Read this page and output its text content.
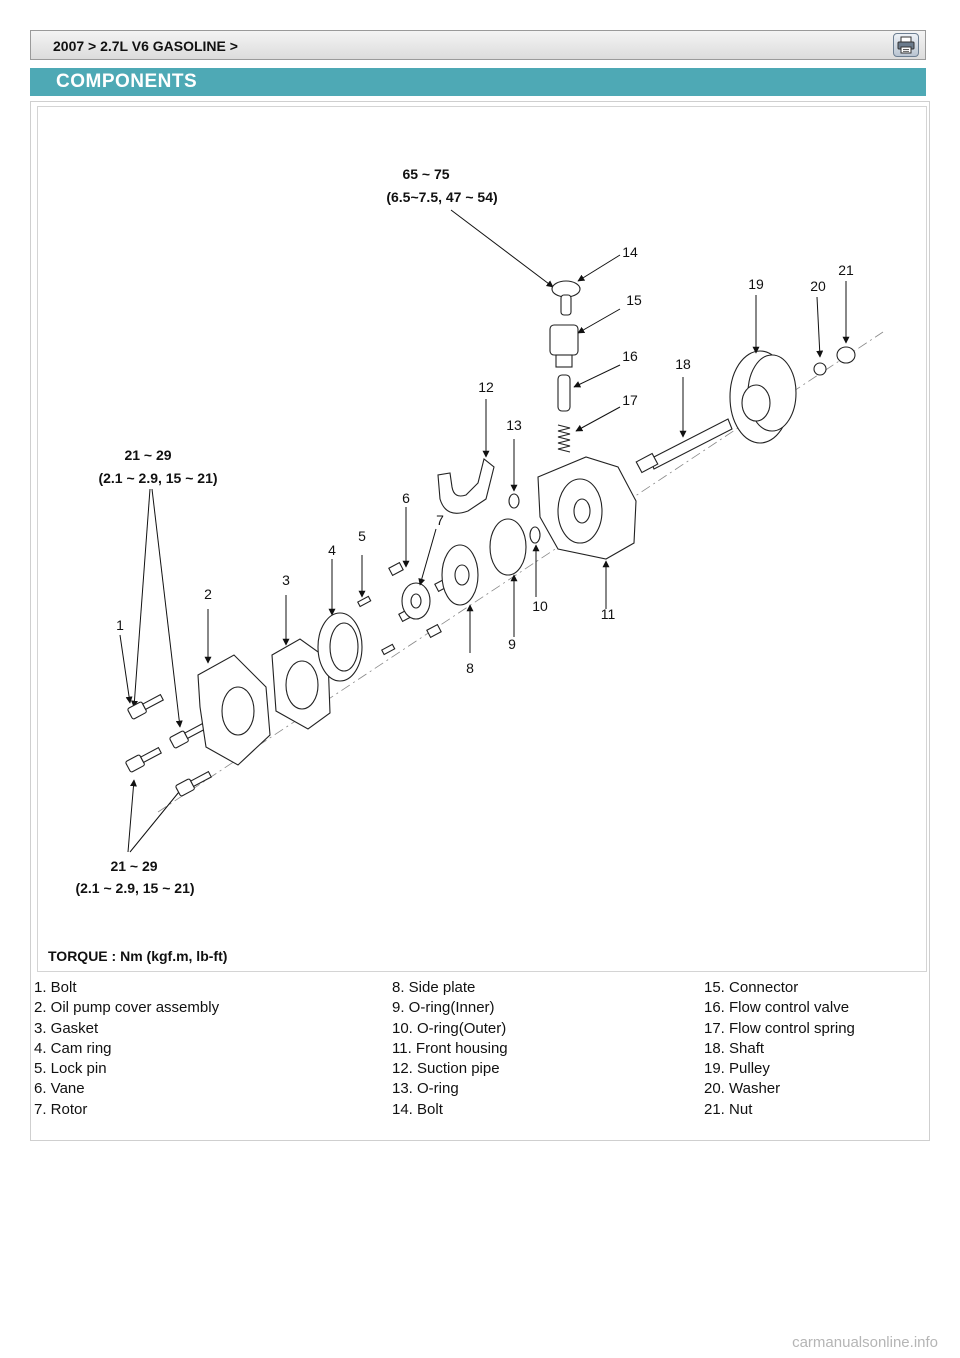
2007 > 2.7L V6 GASOLINE >
COMPONENTS
65 ~ 75
(6.5~7.5, 47 ~ 54)
21 ~ 29
(2.1 ~ 2.9, 15 ~ 21)
21 ~ 29
(2.1 ~ 2.9, 15 ~ 21)
TORQUE : Nm (kgf.m, lb-ft)
1
2
3
4
5
6
7
8
9
10	11
12
13
14
15
16
17
18
19	20
21
1. Bolt
2. Oil pump cover assembly
3. Gasket
4. Cam ring
5. Lock pin
6. Vane
7. Rotor
8. Side plate
9. O-ring(Inner)
10. O-ring(Outer)
11. Front housing
12. Suction pipe
13. O-ring
14. Bolt
15. Connector
16. Flow control valve
17. Flow control spring
18. Shaft
19. Pulley
20. Washer
21. Nut
carmanualsonline.info
